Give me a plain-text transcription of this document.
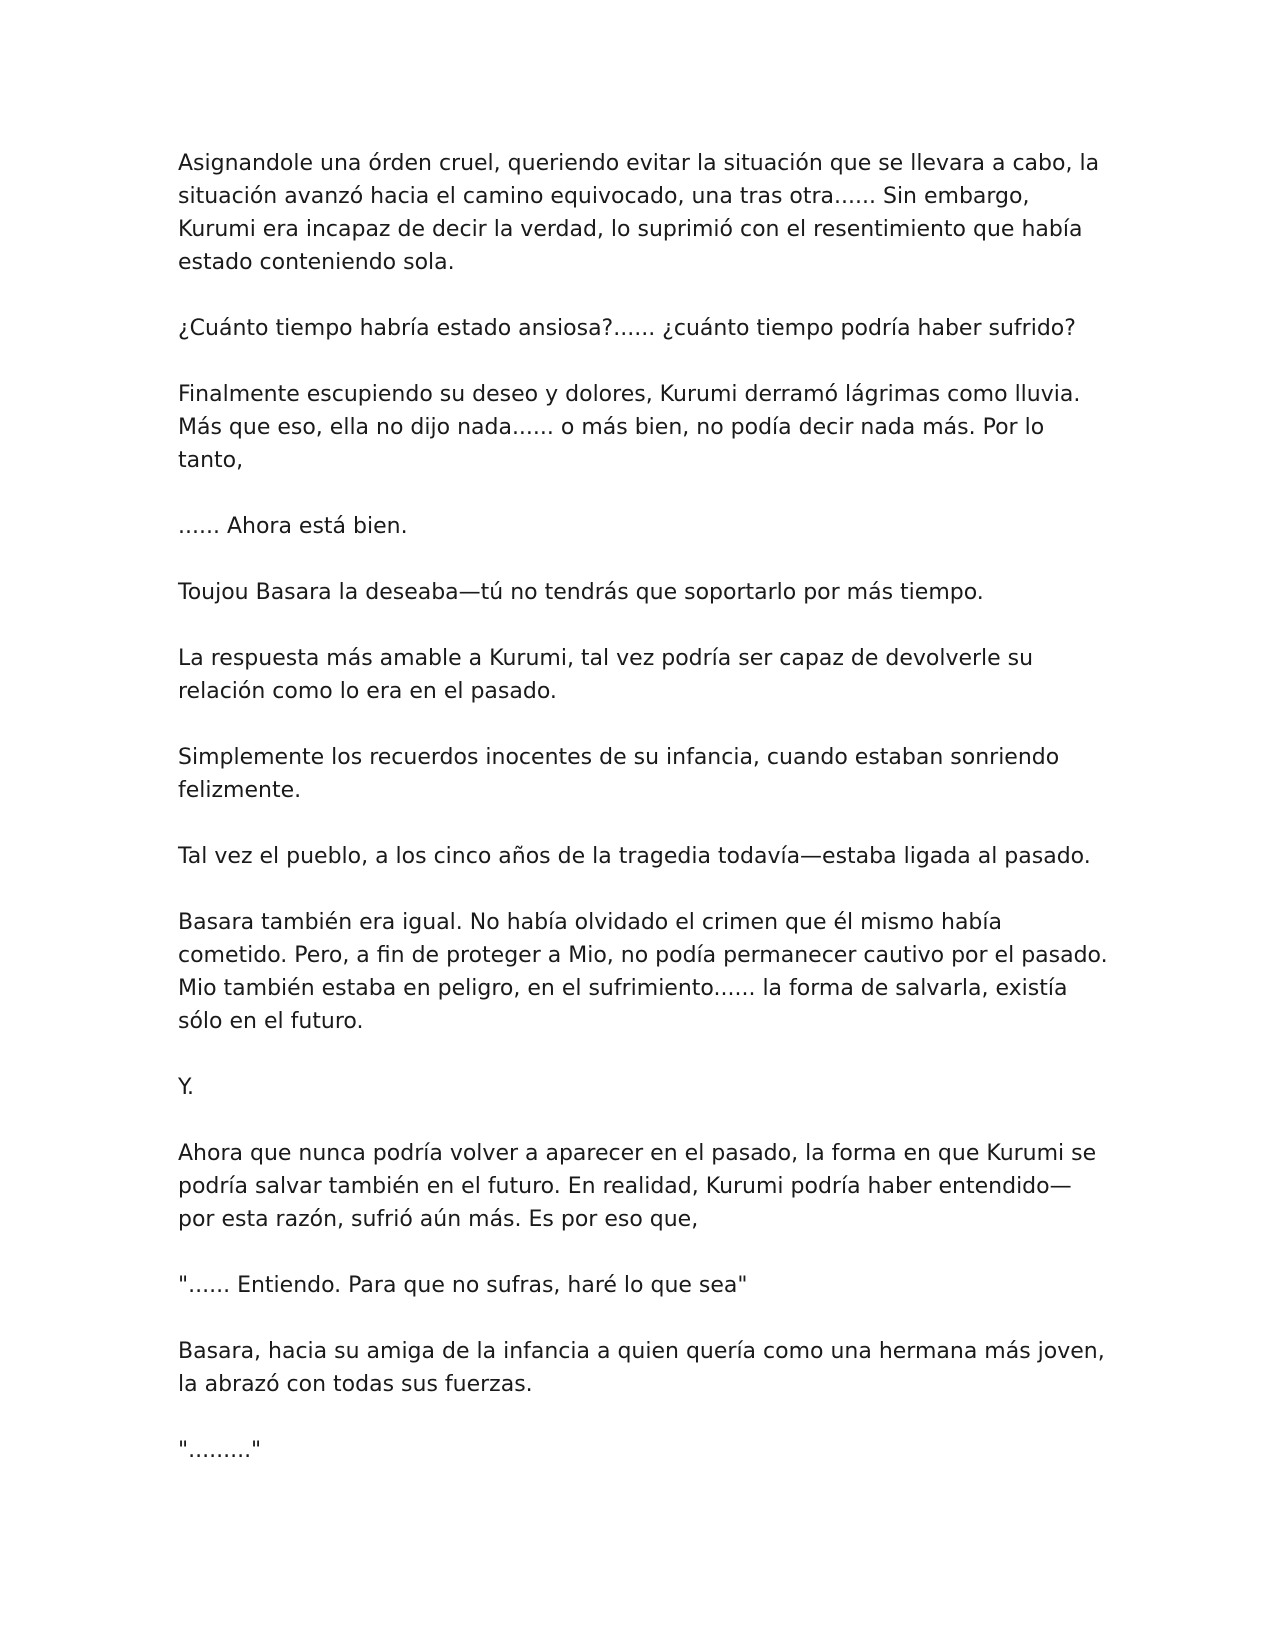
Asignandole una órden cruel, queriendo evitar la situación que se llevara a cabo, la situación avanzó hacia el camino equivocado, una tras otra...... Sin embargo, Kurumi era incapaz de decir la verdad, lo suprimió con el resentimiento que había estado conteniendo sola.

¿Cuánto tiempo habría estado ansiosa?...... ¿cuánto tiempo podría haber sufrido?

Finalmente escupiendo su deseo y dolores, Kurumi derramó lágrimas como lluvia. Más que eso, ella no dijo nada...... o más bien, no podía decir nada más. Por lo tanto,

...... Ahora está bien.

Toujou Basara la deseaba—tú no tendrás que soportarlo por más tiempo.

La respuesta más amable a Kurumi, tal vez podría ser capaz de devolverle su relación como lo era en el pasado.

Simplemente los recuerdos inocentes de su infancia, cuando estaban sonriendo felizmente.

Tal vez el pueblo, a los cinco años de la tragedia todavía—estaba ligada al pasado.

Basara también era igual. No había olvidado el crimen que él mismo había cometido. Pero, a fin de proteger a Mio, no podía permanecer cautivo por el pasado. Mio también estaba en peligro, en el sufrimiento...... la forma de salvarla, existía sólo en el futuro.

Y.

Ahora que nunca podría volver a aparecer en el pasado, la forma en que Kurumi se podría salvar también en el futuro. En realidad, Kurumi podría haber entendido—por esta razón, sufrió aún más. Es por eso que,

"...... Entiendo. Para que no sufras, haré lo que sea"

Basara, hacia su amiga de la infancia a quien quería como una hermana más joven, la abrazó con todas sus fuerzas.

"........."
